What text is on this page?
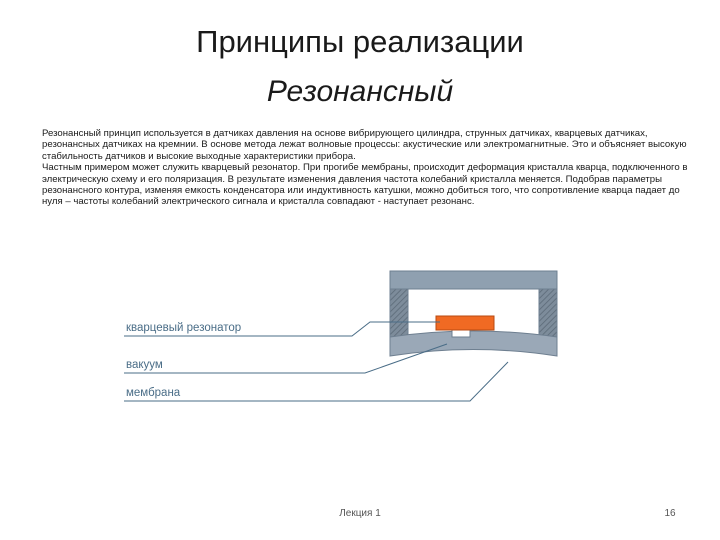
Принципы реализации
Резонансный

Резонансный принцип используется в датчиках давления на основе вибрирующего цилиндра, струнных датчиках, кварцевых датчиках, резонансных датчиках на кремнии. В основе метода лежат волновые процессы: акустические или электромагнитные. Это и объясняет высокую стабильность датчиков и высокие выходные характеристики прибора.

Частным примером может служить кварцевый резонатор. При прогибе мембраны, происходит деформация кристалла кварца, подключенного в электрическую схему и его поляризация. В результате изменения давления частота колебаний кристалла меняется. Подобрав параметры резонансного контура, изменяя емкость конденсатора или индуктивность катушки, можно добиться того, что сопротивление кварца падает до нуля – частоты колебаний электрического сигнала и кристалла совпадают - наступает резонанс.

кварцевый резонатор
вакуум
мембрана
Лекция 1	16
